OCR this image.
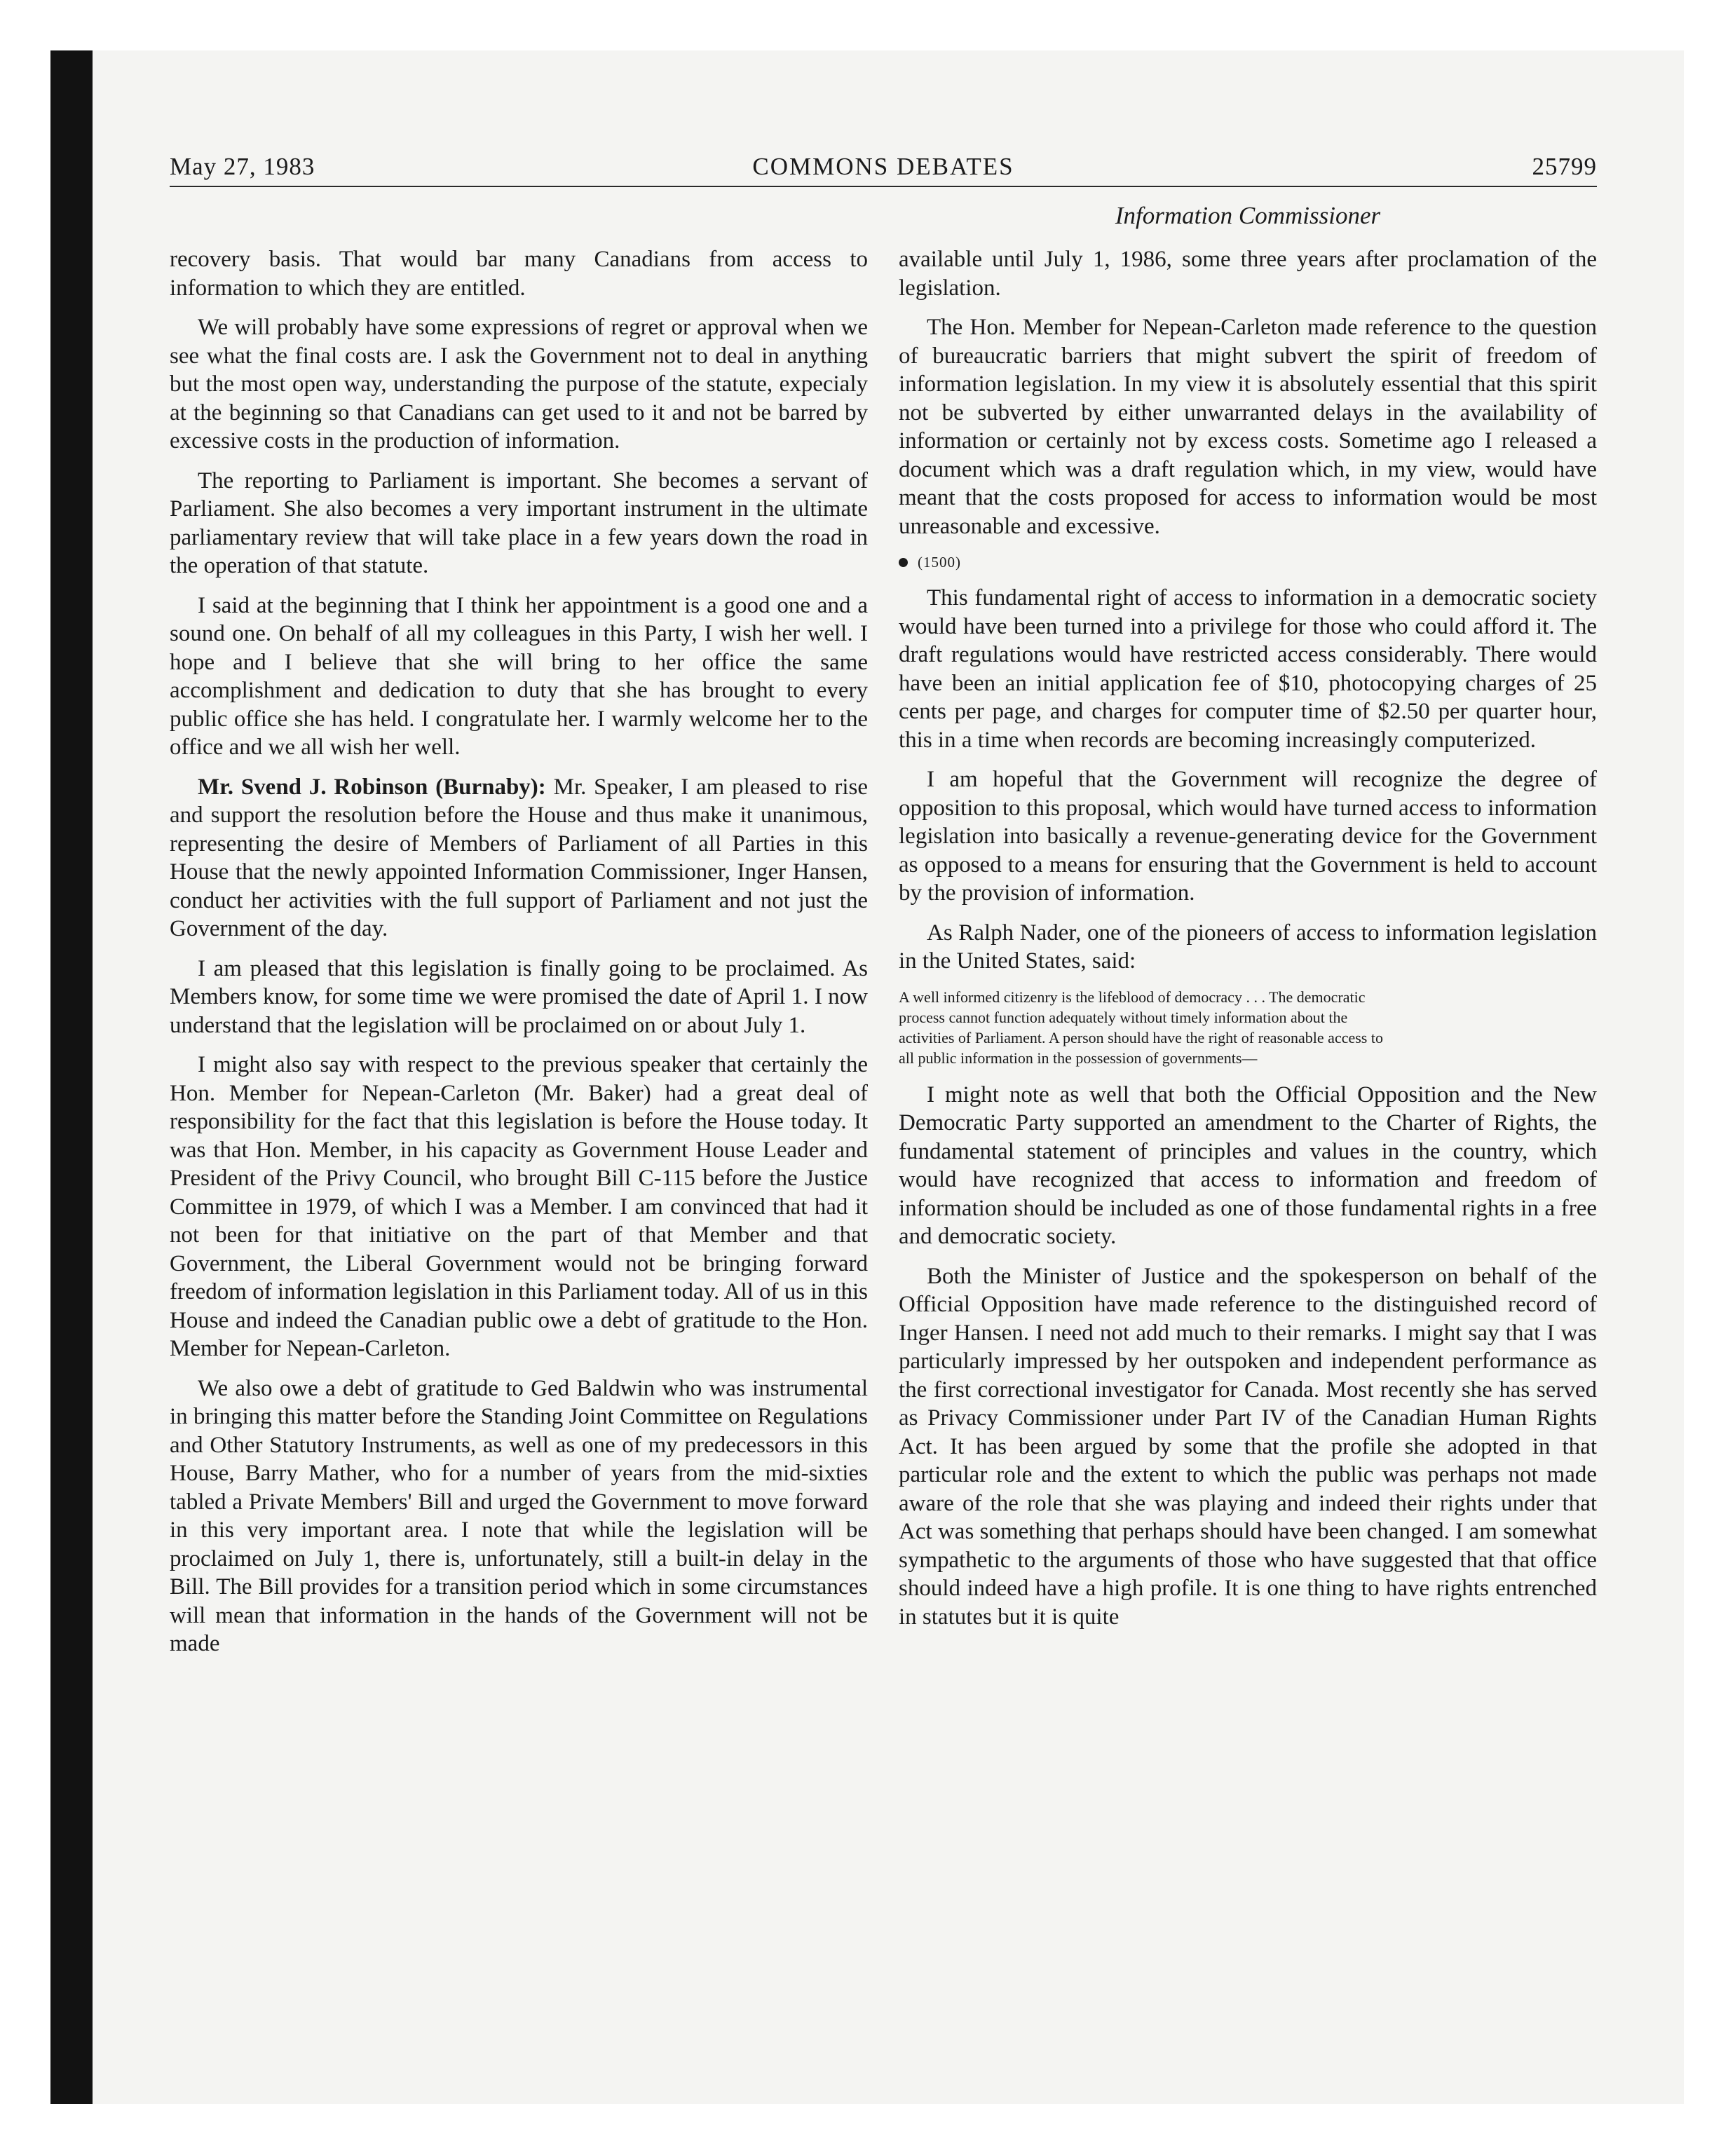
May 27, 1983	COMMONS DEBATES	25799
Information Commissioner

recovery basis. That would bar many Canadians from access to information to which they are entitled.

We will probably have some expressions of regret or approval when we see what the final costs are. I ask the Government not to deal in anything but the most open way, understanding the purpose of the statute, expecialy at the beginning so that Canadians can get used to it and not be barred by excessive costs in the production of information.

The reporting to Parliament is important. She becomes a servant of Parliament. She also becomes a very important instrument in the ultimate parliamentary review that will take place in a few years down the road in the operation of that statute.

I said at the beginning that I think her appointment is a good one and a sound one. On behalf of all my colleagues in this Party, I wish her well. I hope and I believe that she will bring to her office the same accomplishment and dedication to duty that she has brought to every public office she has held. I congratulate her. I warmly welcome her to the office and we all wish her well.

Mr. Svend J. Robinson (Burnaby): Mr. Speaker, I am pleased to rise and support the resolution before the House and thus make it unanimous, representing the desire of Members of Parliament of all Parties in this House that the newly appointed Information Commissioner, Inger Hansen, conduct her activities with the full support of Parliament and not just the Government of the day.

I am pleased that this legislation is finally going to be proclaimed. As Members know, for some time we were promised the date of April 1. I now understand that the legislation will be proclaimed on or about July 1.

I might also say with respect to the previous speaker that certainly the Hon. Member for Nepean-Carleton (Mr. Baker) had a great deal of responsibility for the fact that this legislation is before the House today. It was that Hon. Member, in his capacity as Government House Leader and President of the Privy Council, who brought Bill C-115 before the Justice Committee in 1979, of which I was a Member. I am convinced that had it not been for that initiative on the part of that Member and that Government, the Liberal Government would not be bringing forward freedom of information legislation in this Parliament today. All of us in this House and indeed the Canadian public owe a debt of gratitude to the Hon. Member for Nepean-Carleton.

We also owe a debt of gratitude to Ged Baldwin who was instrumental in bringing this matter before the Standing Joint Committee on Regulations and Other Statutory Instruments, as well as one of my predecessors in this House, Barry Mather, who for a number of years from the mid-sixties tabled a Private Members' Bill and urged the Government to move forward in this very important area. I note that while the legislation will be proclaimed on July 1, there is, unfortunately, still a built-in delay in the Bill. The Bill provides for a transition period which in some circumstances will mean that information in the hands of the Government will not be made

available until July 1, 1986, some three years after proclamation of the legislation.

The Hon. Member for Nepean-Carleton made reference to the question of bureaucratic barriers that might subvert the spirit of freedom of information legislation. In my view it is absolutely essential that this spirit not be subverted by either unwarranted delays in the availability of information or certainly not by excess costs. Sometime ago I released a document which was a draft regulation which, in my view, would have meant that the costs proposed for access to information would be most unreasonable and excessive.

(1500)

This fundamental right of access to information in a democratic society would have been turned into a privilege for those who could afford it. The draft regulations would have restricted access considerably. There would have been an initial application fee of $10, photocopying charges of 25 cents per page, and charges for computer time of $2.50 per quarter hour, this in a time when records are becoming increasingly computerized.

I am hopeful that the Government will recognize the degree of opposition to this proposal, which would have turned access to information legislation into basically a revenue-generating device for the Government as opposed to a means for ensuring that the Government is held to account by the provision of information.

As Ralph Nader, one of the pioneers of access to information legislation in the United States, said:

A well informed citizenry is the lifeblood of democracy . . . The democratic
process cannot function adequately without timely information about the
activities of Parliament. A person should have the right of reasonable access to
all public information in the possession of governments—

I might note as well that both the Official Opposition and the New Democratic Party supported an amendment to the Charter of Rights, the fundamental statement of principles and values in the country, which would have recognized that access to information and freedom of information should be included as one of those fundamental rights in a free and democratic society.

Both the Minister of Justice and the spokesperson on behalf of the Official Opposition have made reference to the distinguished record of Inger Hansen. I need not add much to their remarks. I might say that I was particularly impressed by her outspoken and independent performance as the first correctional investigator for Canada. Most recently she has served as Privacy Commissioner under Part IV of the Canadian Human Rights Act. It has been argued by some that the profile she adopted in that particular role and the extent to which the public was perhaps not made aware of the role that she was playing and indeed their rights under that Act was something that perhaps should have been changed. I am somewhat sympathetic to the arguments of those who have suggested that that office should indeed have a high profile. It is one thing to have rights entrenched in statutes but it is quite
